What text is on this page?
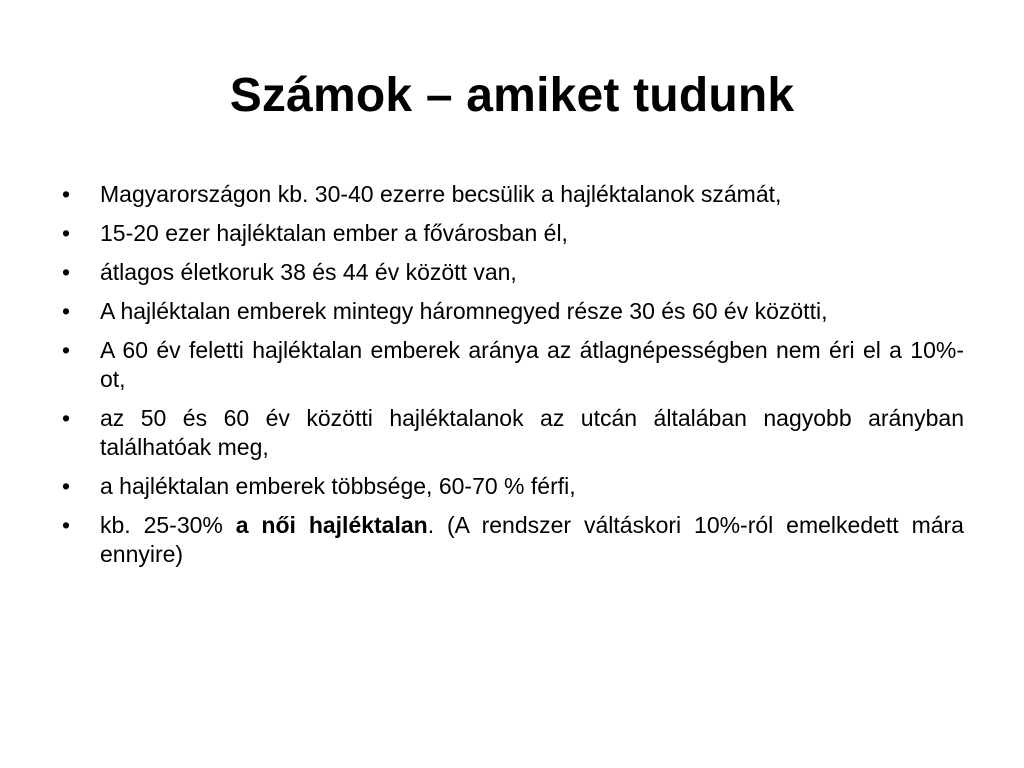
Számok – amiket tudunk
•	Magyarországon kb. 30-40 ezerre becsülik a hajléktalanok számát,
•	15-20 ezer hajléktalan ember a fővárosban él,
•	átlagos életkoruk 38 és 44 év között van,
•	A hajléktalan emberek mintegy háromnegyed része 30 és 60 év közötti,
•	A 60 év feletti hajléktalan emberek aránya az átlagnépességben nem éri el a 10%-ot,
•	az 50 és 60 év közötti hajléktalanok az utcán általában nagyobb arányban találhatóak meg,
•	a hajléktalan emberek többsége, 60-70 % férfi,
•	kb. 25-30% a női hajléktalan. (A rendszer váltáskori 10%-ról emelkedett mára ennyire)
